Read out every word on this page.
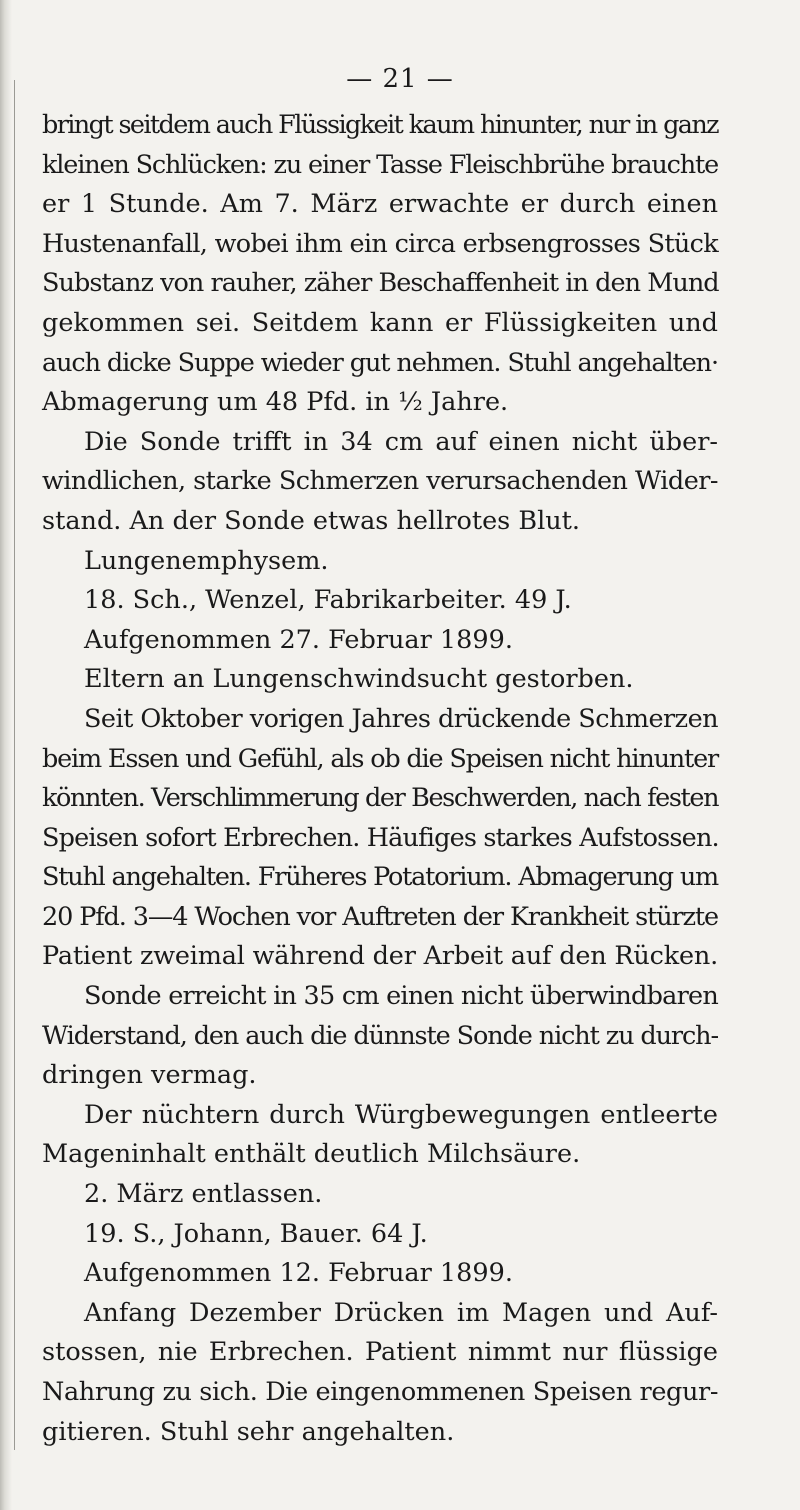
— 21 —
bringt seitdem auch Flüssigkeit kaum hinunter, nur in ganz
kleinen Schlücken: zu einer Tasse Fleischbrühe brauchte
er 1 Stunde. Am 7. März erwachte er durch einen
Hustenanfall, wobei ihm ein circa erbsengrosses Stück
Substanz von rauher, zäher Beschaffenheit in den Mund
gekommen sei. Seitdem kann er Flüssigkeiten und
auch dicke Suppe wieder gut nehmen. Stuhl angehalten·
Abmagerung um 48 Pfd. in ½ Jahre.
Die Sonde trifft in 34 cm auf einen nicht über-
windlichen, starke Schmerzen verursachenden Wider-
stand. An der Sonde etwas hellrotes Blut.
Lungenemphysem.
18. Sch., Wenzel, Fabrikarbeiter. 49 J.
Aufgenommen 27. Februar 1899.
Eltern an Lungenschwindsucht gestorben.
Seit Oktober vorigen Jahres drückende Schmerzen
beim Essen und Gefühl, als ob die Speisen nicht hinunter
könnten. Verschlimmerung der Beschwerden, nach festen
Speisen sofort Erbrechen. Häufiges starkes Aufstossen.
Stuhl angehalten. Früheres Potatorium. Abmagerung um
20 Pfd. 3—4 Wochen vor Auftreten der Krankheit stürzte
Patient zweimal während der Arbeit auf den Rücken.
Sonde erreicht in 35 cm einen nicht überwindbaren
Widerstand, den auch die dünnste Sonde nicht zu durch-
dringen vermag.
Der nüchtern durch Würgbewegungen entleerte
Mageninhalt enthält deutlich Milchsäure.
2. März entlassen.
19. S., Johann, Bauer. 64 J.
Aufgenommen 12. Februar 1899.
Anfang Dezember Drücken im Magen und Auf-
stossen, nie Erbrechen. Patient nimmt nur flüssige
Nahrung zu sich. Die eingenommenen Speisen regur-
gitieren. Stuhl sehr angehalten.
